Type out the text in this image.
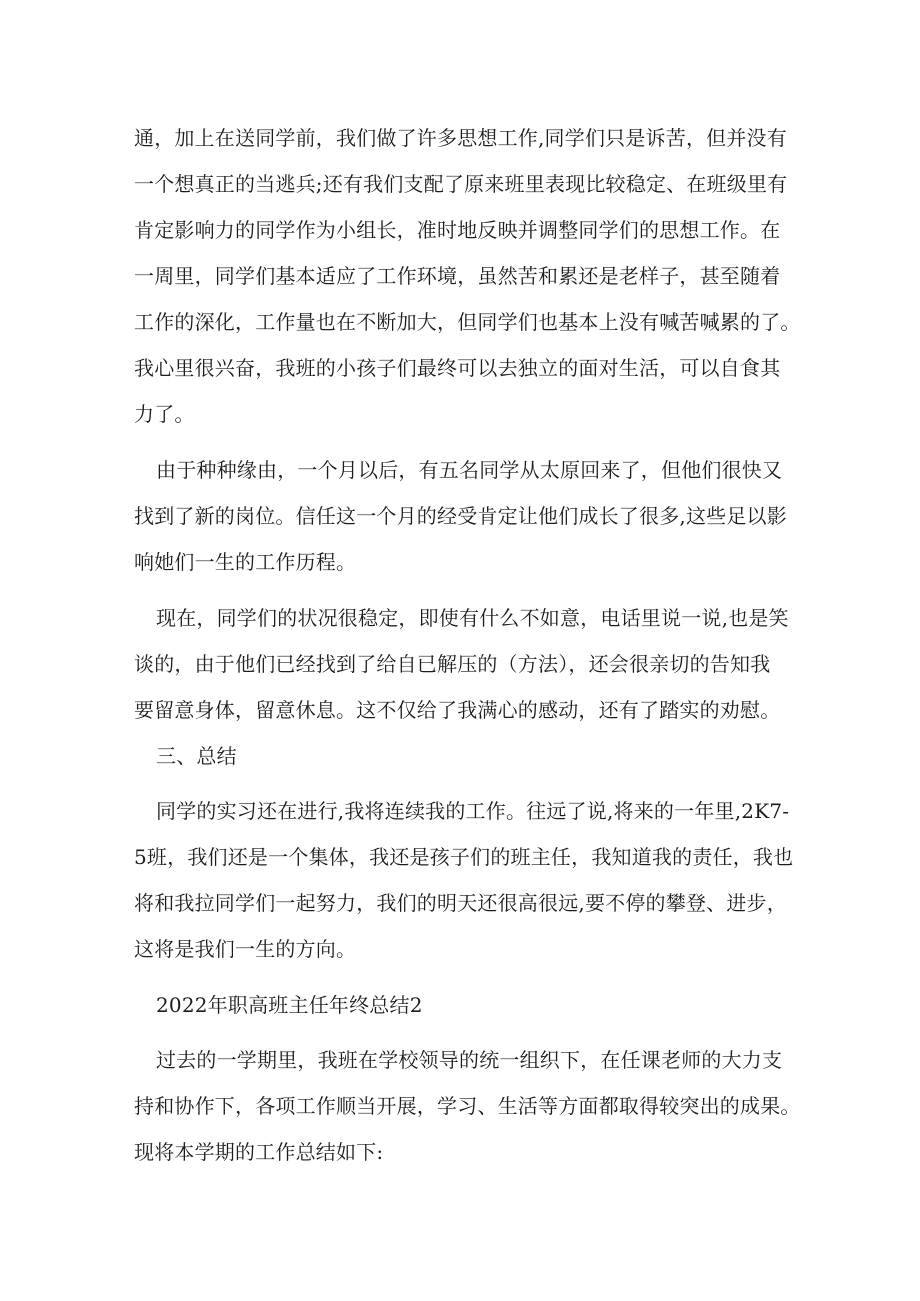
通，加上在送同学前，我们做了许多思想工作,同学们只是诉苦，但并没有
一个想真正的当逃兵;还有我们支配了原来班里表现比较稳定、在班级里有
肯定影响力的同学作为小组长，准时地反映并调整同学们的思想工作。在
一周里，同学们基本适应了工作环境，虽然苦和累还是老样子，甚至随着
工作的深化，工作量也在不断加大，但同学们也基本上没有喊苦喊累的了。
我心里很兴奋，我班的小孩子们最终可以去独立的面对生活，可以自食其
力了。
由于种种缘由，一个月以后，有五名同学从太原回来了，但他们很快又
找到了新的岗位。信任这一个月的经受肯定让他们成长了很多,这些足以影
响她们一生的工作历程。
现在，同学们的状况很稳定，即使有什么不如意，电话里说一说,也是笑
谈的，由于他们已经找到了给自已解压的（方法），还会很亲切的告知我
要留意身体，留意休息。这不仅给了我满心的感动，还有了踏实的劝慰。
三、总结
同学的实习还在进行,我将连续我的工作。往远了说,将来的一年里,2K7-
5班，我们还是一个集体，我还是孩子们的班主任，我知道我的责任，我也
将和我拉同学们一起努力，我们的明天还很高很远,要不停的攀登、进步，
这将是我们一生的方向。
2022年职高班主任年终总结2
过去的一学期里，我班在学校领导的统一组织下，在任课老师的大力支
持和协作下，各项工作顺当开展，学习、生活等方面都取得较突出的成果。
现将本学期的工作总结如下:
